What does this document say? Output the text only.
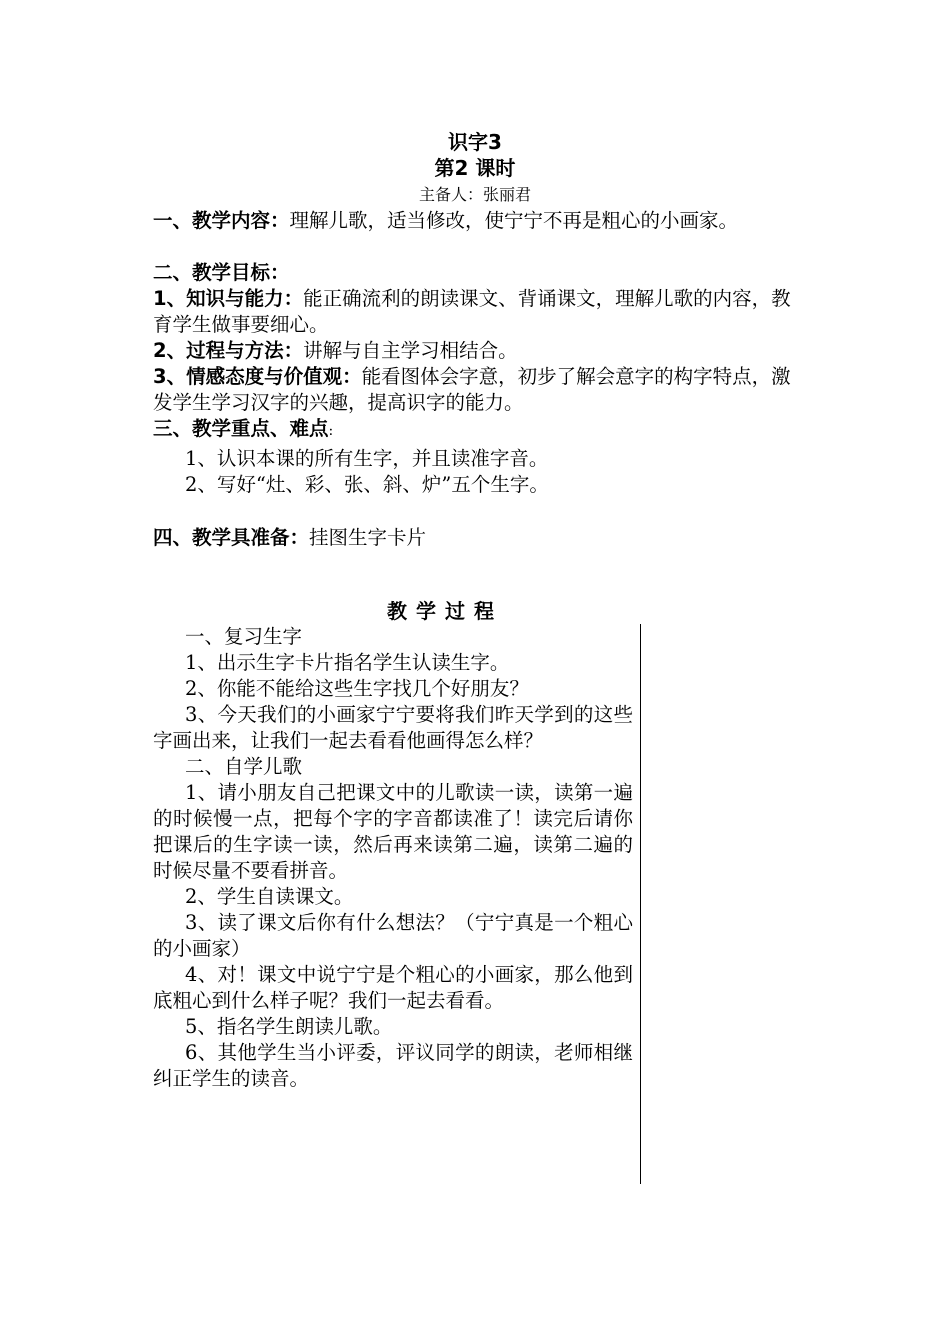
识字3
第2 课时
主备人：张丽君
一、教学内容：理解儿歌，适当修改，使宁宁不再是粗心的小画家。
二、教学目标：
1、知识与能力：能正确流利的朗读课文、背诵课文，理解儿歌的内容，教育学生做事要细心。
2、过程与方法：讲解与自主学习相结合。
3、情感态度与价值观：能看图体会字意，初步了解会意字的构字特点，激发学生学习汉字的兴趣，提高识字的能力。
三、教学重点、难点:
1、认识本课的所有生字，并且读准字音。
2、写好“灶、彩、张、斜、炉”五个生字。
四、教学具准备：挂图生字卡片
教学过程

一、复习生字

1、出示生字卡片指名学生认读生字。

2、你能不能给这些生字找几个好朋友？

3、今天我们的小画家宁宁要将我们昨天学到的这些字画出来，让我们一起去看看他画得怎么样？

二、自学儿歌

1、请小朋友自己把课文中的儿歌读一读，读第一遍的时候慢一点，把每个字的字音都读准了！读完后请你把课后的生字读一读，然后再来读第二遍，读第二遍的时候尽量不要看拼音。

2、学生自读课文。

3、读了课文后你有什么想法？（宁宁真是一个粗心的小画家）

4、对！课文中说宁宁是个粗心的小画家，那么他到底粗心到什么样子呢？我们一起去看看。

5、指名学生朗读儿歌。

6、其他学生当小评委，评议同学的朗读，老师相继纠正学生的读音。
